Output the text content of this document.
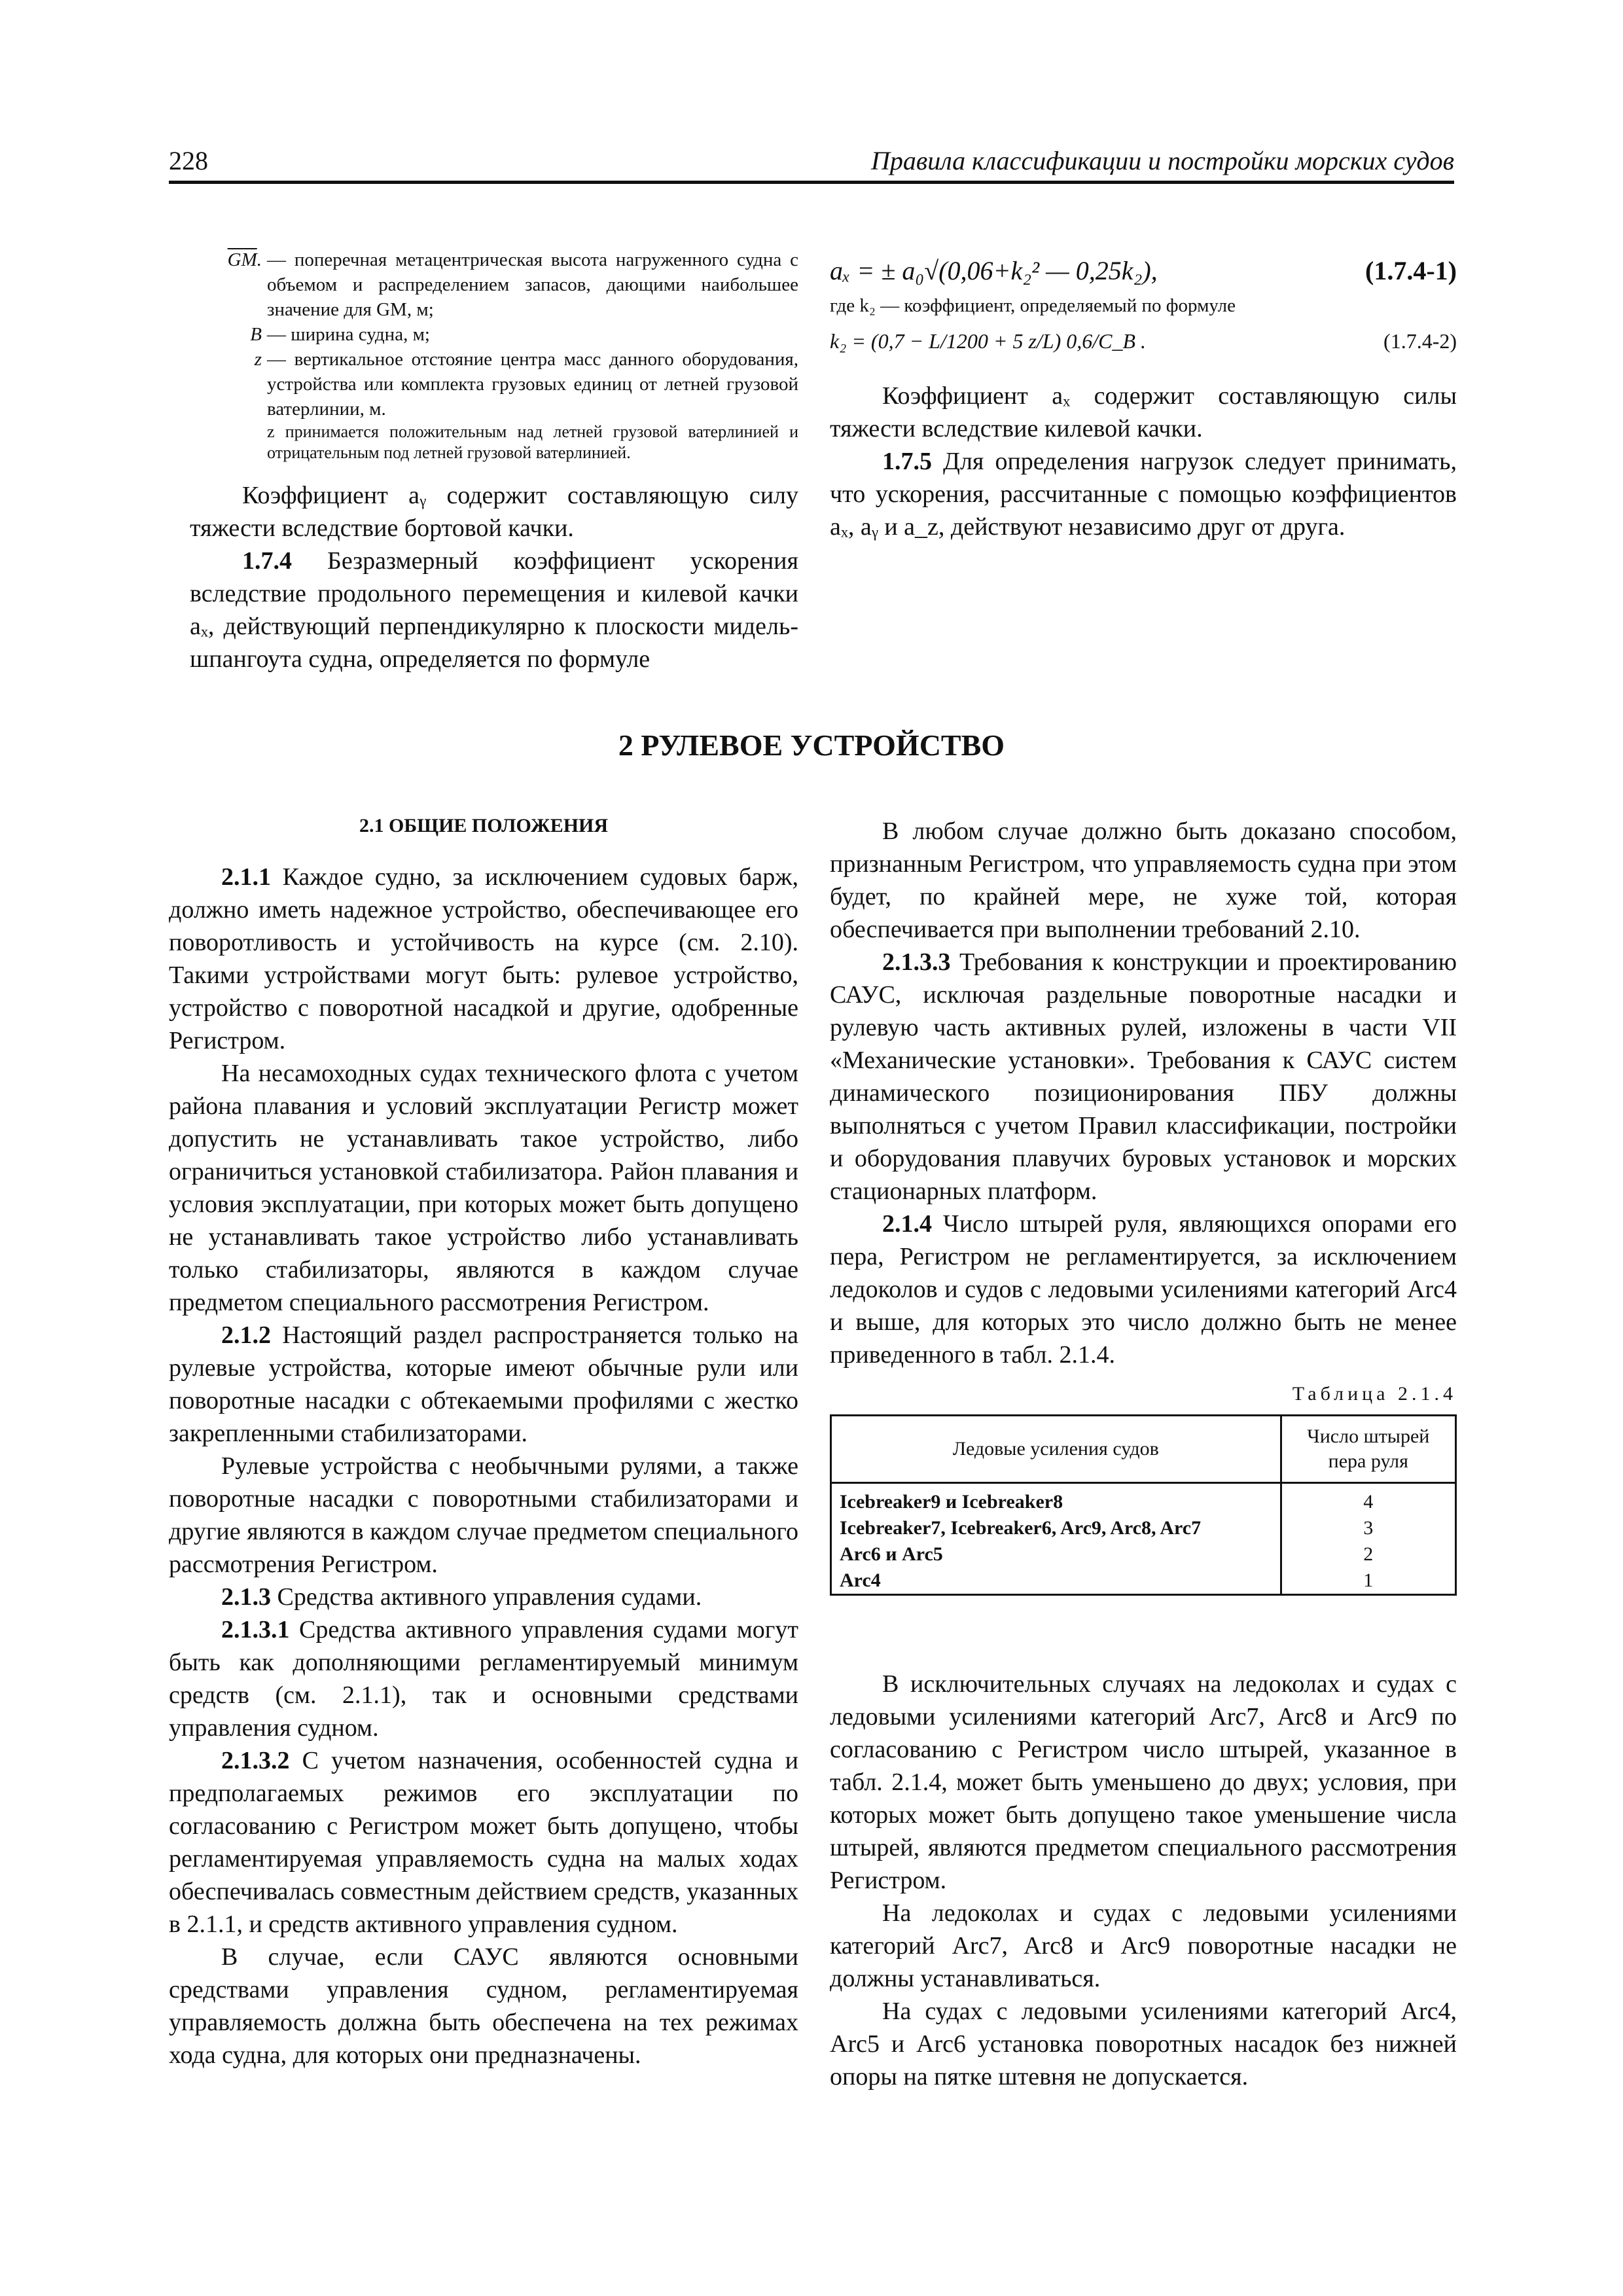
228	Правила классификации и постройки морских судов
$\overline{GM}$. — поперечная метацентрическая высота нагруженного судна с объемом и распределением запасов, дающими наибольшее значение для GM, м;
B — ширина судна, м;
z — вертикальное отстояние центра масс данного оборудования, устройства или комплекта грузовых единиц от летней грузовой ватерлинии, м.
z принимается положительным над летней грузовой ватерлинией и отрицательным под летней грузовой ватерлинией.

Коэффициент aᵧ содержит составляющую силу тяжести вследствие бортовой качки.

1.7.4 Безразмерный коэффициент ускорения вследствие продольного перемещения и килевой качки aₓ, действующий перпендикулярно к плоскости мидель-шпангоута судна, определяется по формуле

aₓ = ± a₀√(0,06+k₂² — 0,25k₂),	(1.7.4-1)
где k₂ — коэффициент, определяемый по формуле
k₂ = (0,7 − L/1200 + 5 z/L) 0,6/C_B .	(1.7.4-2)

Коэффициент aₓ содержит составляющую силы тяжести вследствие килевой качки.

1.7.5 Для определения нагрузок следует принимать, что ускорения, рассчитанные с помощью коэффициентов aₓ, aᵧ и a_z, действуют независимо друг от друга.

2 РУЛЕВОЕ УСТРОЙСТВО
2.1 ОБЩИЕ ПОЛОЖЕНИЯ

2.1.1 Каждое судно, за исключением судовых барж, должно иметь надежное устройство, обеспечивающее его поворотливость и устойчивость на курсе (см. 2.10). Такими устройствами могут быть: рулевое устройство, устройство с поворотной насадкой и другие, одобренные Регистром.

На несамоходных судах технического флота с учетом района плавания и условий эксплуатации Регистр может допустить не устанавливать такое устройство, либо ограничиться установкой стабилизатора. Район плавания и условия эксплуатации, при которых может быть допущено не устанавливать такое устройство либо устанавливать только стабилизаторы, являются в каждом случае предметом специального рассмотрения Регистром.

2.1.2 Настоящий раздел распространяется только на рулевые устройства, которые имеют обычные рули или поворотные насадки с обтекаемыми профилями с жестко закрепленными стабилизаторами.

Рулевые устройства с необычными рулями, а также поворотные насадки с поворотными стабилизаторами и другие являются в каждом случае предметом специального рассмотрения Регистром.

2.1.3 Средства активного управления судами.

2.1.3.1 Средства активного управления судами могут быть как дополняющими регламентируемый минимум средств (см. 2.1.1), так и основными средствами управления судном.

2.1.3.2 С учетом назначения, особенностей судна и предполагаемых режимов его эксплуатации по согласованию с Регистром может быть допущено, чтобы регламентируемая управляемость судна на малых ходах обеспечивалась совместным действием средств, указанных в 2.1.1, и средств активного управления судном.

В случае, если САУС являются основными средствами управления судном, регламентируемая управляемость должна быть обеспечена на тех режимах хода судна, для которых они предназначены.

В любом случае должно быть доказано способом, признанным Регистром, что управляемость судна при этом будет, по крайней мере, не хуже той, которая обеспечивается при выполнении требований 2.10.

2.1.3.3 Требования к конструкции и проектированию САУС, исключая раздельные поворотные насадки и рулевую часть активных рулей, изложены в части VII «Механические установки». Требования к САУС систем динамического позиционирования ПБУ должны выполняться с учетом Правил классификации, постройки и оборудования плавучих буровых установок и морских стационарных платформ.

2.1.4 Число штырей руля, являющихся опорами его пера, Регистром не регламентируется, за исключением ледоколов и судов с ледовыми усилениями категорий Arc4 и выше, для которых это число должно быть не менее приведенного в табл. 2.1.4.

Таблица 2.1.4
Ледовые усиления судов	Число штырей пера руля
Icebreaker9 и Icebreaker8	4
Icebreaker7, Icebreaker6, Arc9, Arc8, Arc7	3
Arc6 и Arc5	2
Arc4	1

В исключительных случаях на ледоколах и судах с ледовыми усилениями категорий Arc7, Arc8 и Arc9 по согласованию с Регистром число штырей, указанное в табл. 2.1.4, может быть уменьшено до двух; условия, при которых может быть допущено такое уменьшение числа штырей, являются предметом специального рассмотрения Регистром.

На ледоколах и судах с ледовыми усилениями категорий Arc7, Arc8 и Arc9 поворотные насадки не должны устанавливаться.

На судах с ледовыми усилениями категорий Arc4, Arc5 и Arc6 установка поворотных насадок без нижней опоры на пятке штевня не допускается.
